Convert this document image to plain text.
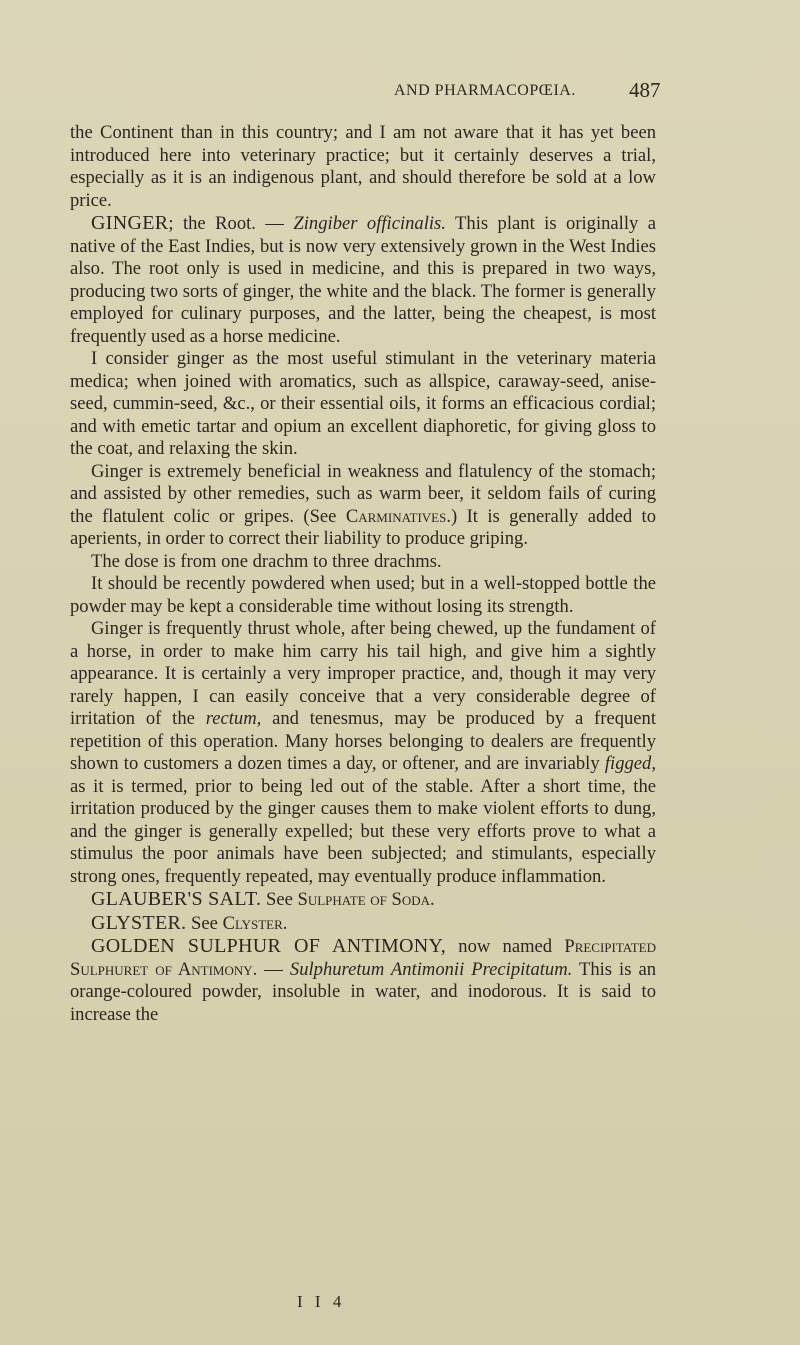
AND PHARMACOPŒIA.	487

the Continent than in this country; and I am not aware that it has yet been introduced here into veterinary practice; but it certainly deserves a trial, especially as it is an indigenous plant, and should therefore be sold at a low price.

GINGER; the Root. — Zingiber officinalis. This plant is originally a native of the East Indies, but is now very extensively grown in the West Indies also. The root only is used in medicine, and this is prepared in two ways, producing two sorts of ginger, the white and the black. The former is generally employed for culinary purposes, and the latter, being the cheapest, is most frequently used as a horse medicine.

I consider ginger as the most useful stimulant in the veterinary materia medica; when joined with aromatics, such as allspice, caraway-seed, anise-seed, cummin-seed, &c., or their essential oils, it forms an efficacious cordial; and with emetic tartar and opium an excellent diaphoretic, for giving gloss to the coat, and relaxing the skin.

Ginger is extremely beneficial in weakness and flatulency of the stomach; and assisted by other remedies, such as warm beer, it seldom fails of curing the flatulent colic or gripes. (See Carminatives.) It is generally added to aperients, in order to correct their liability to produce griping.

The dose is from one drachm to three drachms.

It should be recently powdered when used; but in a well-stopped bottle the powder may be kept a considerable time without losing its strength.

Ginger is frequently thrust whole, after being chewed, up the fundament of a horse, in order to make him carry his tail high, and give him a sightly appearance. It is certainly a very improper practice, and, though it may very rarely happen, I can easily conceive that a very considerable degree of irritation of the rectum, and tenesmus, may be produced by a frequent repetition of this operation. Many horses belonging to dealers are frequently shown to customers a dozen times a day, or oftener, and are invariably figged, as it is termed, prior to being led out of the stable. After a short time, the irritation produced by the ginger causes them to make violent efforts to dung, and the ginger is generally expelled; but these very efforts prove to what a stimulus the poor animals have been subjected; and stimulants, especially strong ones, frequently repeated, may eventually produce inflammation.

GLAUBER'S SALT. See Sulphate of Soda.

GLYSTER. See Clyster.

GOLDEN SULPHUR OF ANTIMONY, now named Precipitated Sulphuret of Antimony. — Sulphuretum Antimonii Precipitatum. This is an orange-coloured powder, insoluble in water, and inodorous. It is said to increase the

I I 4
